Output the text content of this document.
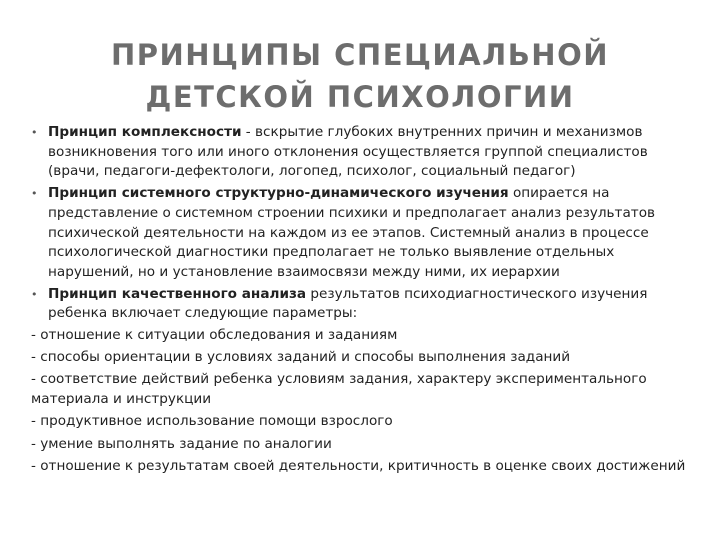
ПРИНЦИПЫ СПЕЦИАЛЬНОЙ
ДЕТСКОЙ ПСИХОЛОГИИ
• Принцип комплексности - вскрытие глубоких внутренних причин и механизмов возникновения того или иного отклонения осуществляется группой специалистов (врачи, педагоги-дефектологи, логопед, психолог, социальный педагог)
• Принцип системного структурно-динамического изучения опирается на представление о системном строении психики и предполагает анализ результатов психической деятельности на каждом из ее этапов. Системный анализ в процессе психологической диагностики предполагает не только выявление отдельных нарушений, но и установление взаимосвязи между ними, их иерархии
• Принцип качественного анализа результатов психодиагностического изучения ребенка включает следующие параметры:
- отношение к ситуации обследования и заданиям
- способы ориентации в условиях заданий и способы выполнения заданий
- соответствие действий ребенка условиям задания, характеру экспериментального материала и инструкции
- продуктивное использование помощи взрослого
- умение выполнять задание по аналогии
- отношение к результатам своей деятельности, критичность в оценке своих достижений
